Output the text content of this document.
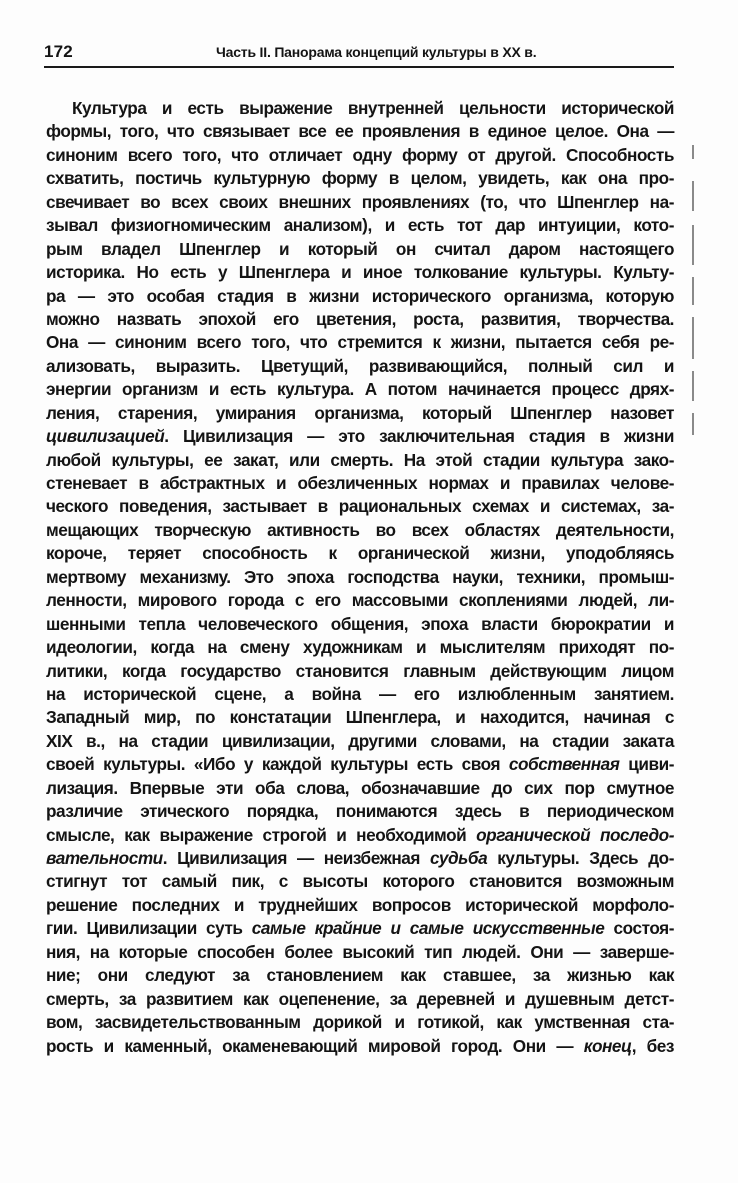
172	Часть II. Панорама концепций культуры в XX в.
Культура и есть выражение внутренней цельности исторической
формы, того, что связывает все ее проявления в единое целое. Она —
синоним всего того, что отличает одну форму от другой. Способность
схватить, постичь культурную форму в целом, увидеть, как она про-
свечивает во всех своих внешних проявлениях (то, что Шпенглер на-
зывал физиогномическим анализом), и есть тот дар интуиции, кото-
рым владел Шпенглер и который он считал даром настоящего
историка. Но есть у Шпенглера и иное толкование культуры. Культу-
ра — это особая стадия в жизни исторического организма, которую
можно назвать эпохой его цветения, роста, развития, творчества.
Она — синоним всего того, что стремится к жизни, пытается себя ре-
ализовать, выразить. Цветущий, развивающийся, полный сил и
энергии организм и есть культура. А потом начинается процесс дрях-
ления, старения, умирания организма, который Шпенглер назовет
цивилизацией. Цивилизация — это заключительная стадия в жизни
любой культуры, ее закат, или смерть. На этой стадии культура зако-
стеневает в абстрактных и обезличенных нормах и правилах челове-
ческого поведения, застывает в рациональных схемах и системах, за-
мещающих творческую активность во всех областях деятельности,
короче, теряет способность к органической жизни, уподобляясь
мертвому механизму. Это эпоха господства науки, техники, промыш-
ленности, мирового города с его массовыми скоплениями людей, ли-
шенными тепла человеческого общения, эпоха власти бюрократии и
идеологии, когда на смену художникам и мыслителям приходят по-
литики, когда государство становится главным действующим лицом
на исторической сцене, а война — его излюбленным занятием.
Западный мир, по констатации Шпенглера, и находится, начиная с
XIX в., на стадии цивилизации, другими словами, на стадии заката
своей культуры. «Ибо у каждой культуры есть своя собственная циви-
лизация. Впервые эти оба слова, обозначавшие до сих пор смутное
различие этического порядка, понимаются здесь в периодическом
смысле, как выражение строгой и необходимой органической последо-
вательности. Цивилизация — неизбежная судьба культуры. Здесь до-
стигнут тот самый пик, с высоты которого становится возможным
решение последних и труднейших вопросов исторической морфоло-
гии. Цивилизации суть самые крайние и самые искусственные состоя-
ния, на которые способен более высокий тип людей. Они — заверше-
ние; они следуют за становлением как ставшее, за жизнью как
смерть, за развитием как оцепенение, за деревней и душевным детст-
вом, засвидетельствованным дорикой и готикой, как умственная ста-
рость и каменный, окаменевающий мировой город. Они — конец, без
